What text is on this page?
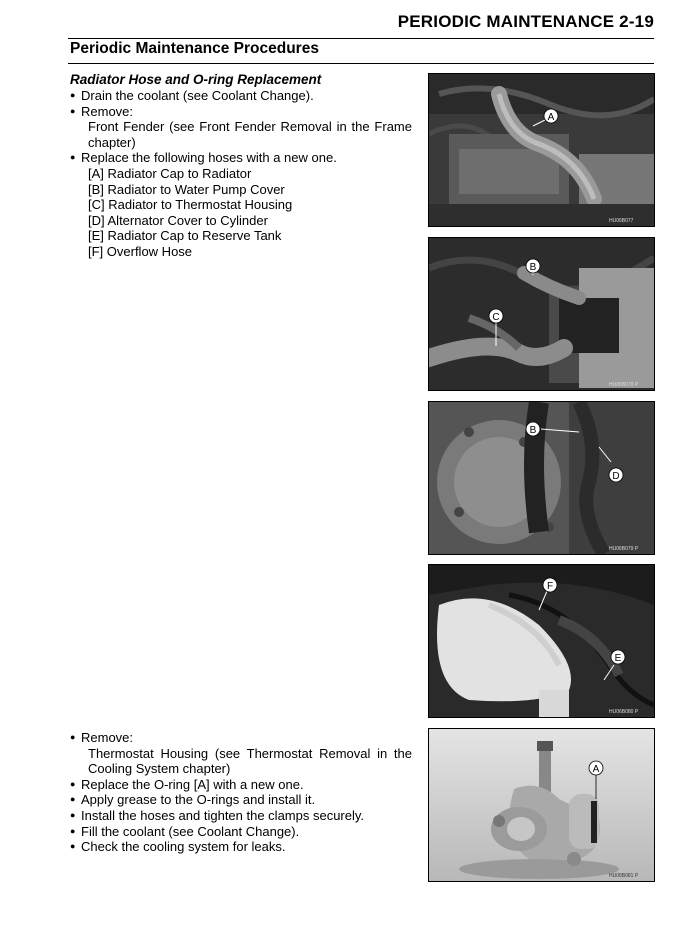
PERIODIC MAINTENANCE 2-19
Periodic Maintenance Procedures
Radiator Hose and O-ring Replacement
● Drain the coolant (see Coolant Change).
● Remove:
Front Fender (see Front Fender Removal in the Frame chapter)
● Replace the following hoses with a new one.
[A] Radiator Cap to Radiator
[B] Radiator to Water Pump Cover
[C] Radiator to Thermostat Housing
[D] Alternator Cover to Cylinder
[E] Radiator Cap to Reserve Tank
[F] Overflow Hose
● Remove:
Thermostat Housing (see Thermostat Removal in the Cooling System chapter)
● Replace the O-ring [A] with a new one.
● Apply grease to the O-rings and install it.
● Install the hoses and tighten the clamps securely.
● Fill the coolant (see Coolant Change).
● Check the cooling system for leaks.
A
HU06B077
B
C
HU06B078 P
B
D
HU06B079 P
F
E
HU06B080 P
A
HU06B081 P
